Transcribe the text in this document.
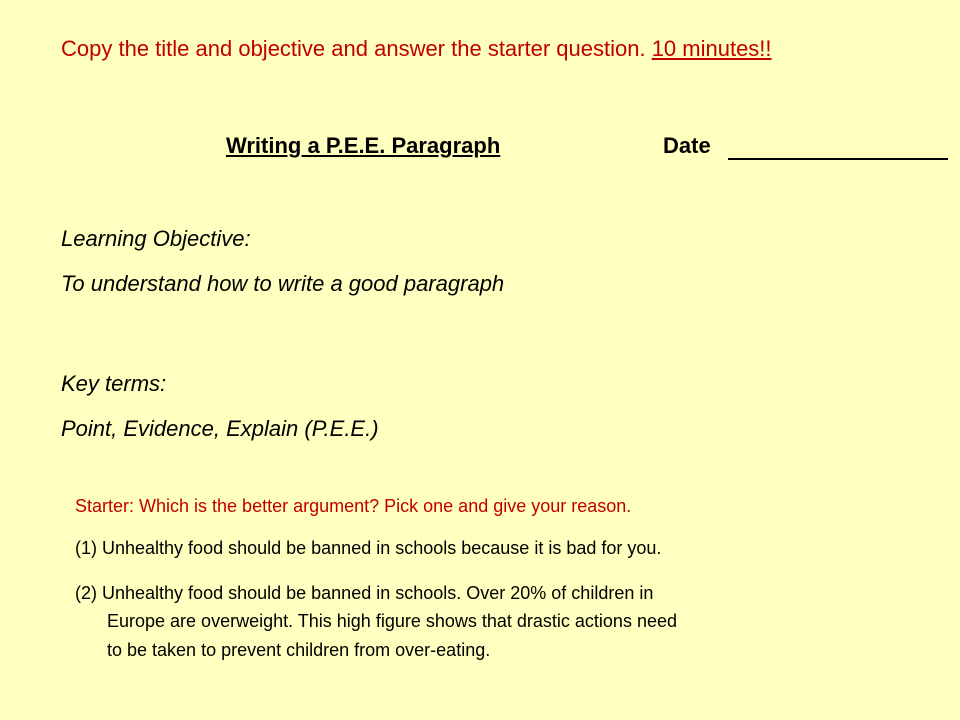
Copy the title and objective and answer the starter question. 10 minutes!!
Writing a P.E.E. Paragraph	Date
Learning Objective:
To understand how to write a good paragraph
Key terms:
Point, Evidence, Explain (P.E.E.)
Starter: Which is the better argument? Pick one and give your reason.
(1) Unhealthy food should be banned in schools because it is bad for you.
(2) Unhealthy food should be banned in schools. Over 20% of children in
Europe are overweight. This high figure shows that drastic actions need
to be taken to prevent children from over-eating.
